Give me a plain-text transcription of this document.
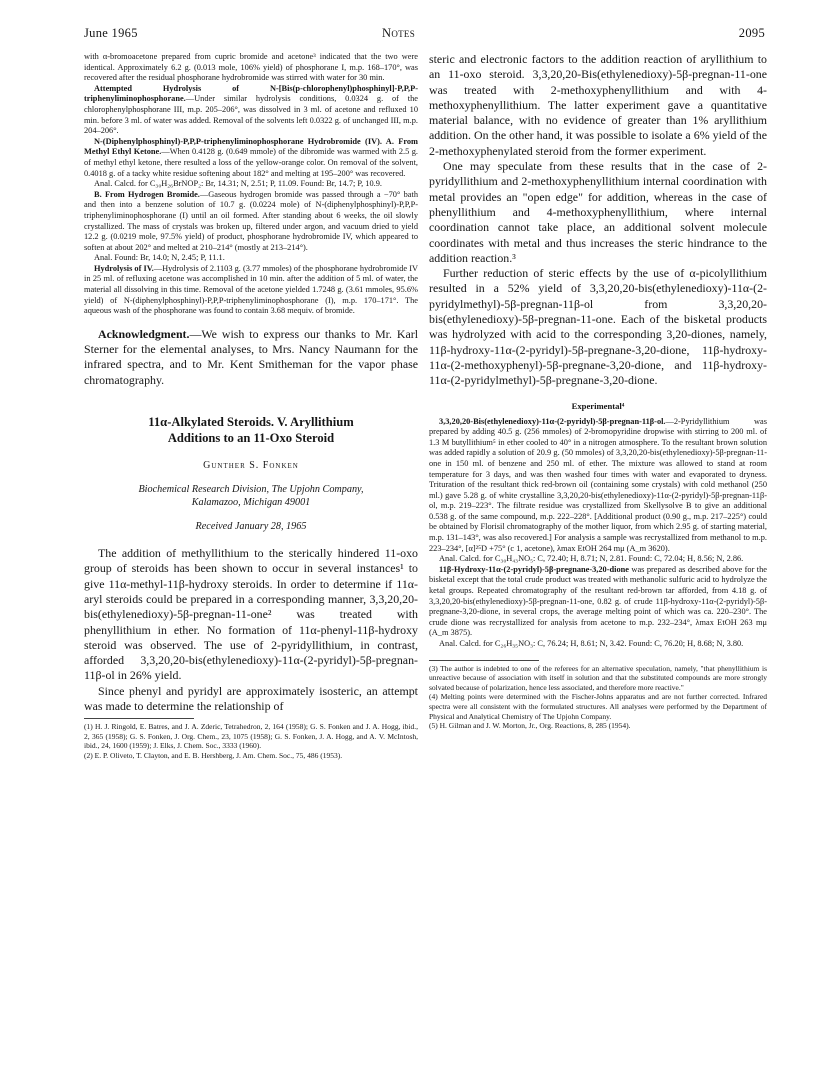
June 1965	Notes	2095

with α-bromoacetone prepared from cupric bromide and acetone³ indicated that the two were identical. Approximately 6.2 g. (0.013 mole, 106% yield) of phosphorane I, m.p. 168–170°, was recovered after the residual phosphorane hydrobromide was stirred with water for 30 min.

Attempted Hydrolysis of N-[Bis(p-chlorophenyl)phosphinyl]-P,P,P-triphenyliminophosphorane.—Under similar hydrolysis conditions, 0.0324 g. of the chlorophenylphosphorane III, m.p. 205–206°, was dissolved in 3 ml. of acetone and refluxed 10 min. before 3 ml. of water was added. Removal of the solvents left 0.0322 g. of unchanged III, m.p. 204–206°.

N-(Diphenylphosphinyl)-P,P,P-triphenyliminophosphorane Hydrobromide (IV). A. From Methyl Ethyl Ketone.—When 0.4128 g. (0.649 mmole) of the dibromide was warmed with 2.5 g. of methyl ethyl ketone, there resulted a loss of the yellow-orange color. On removal of the solvent, 0.4018 g. of a tacky white residue softening about 182° and melting at 195–200° was recovered.

Anal. Calcd. for C₃₀H₂₆BrNOP₂: Br, 14.31; N, 2.51; P, 11.09. Found: Br, 14.7; P, 10.9.

B. From Hydrogen Bromide.—Gaseous hydrogen bromide was passed through a −70° bath and then into a benzene solution of 10.7 g. (0.0224 mole) of N-(diphenylphosphinyl)-P,P,P-triphenyliminophosphorane (I) until an oil formed. After standing about 6 weeks, the oil slowly crystallized. The mass of crystals was broken up, filtered under argon, and vacuum dried to yield 12.2 g. (0.0219 mole, 97.5% yield) of product, phosphorane hydrobromide IV, which appeared to soften at about 202° and melted at 210–214° (mostly at 213–214°).

Anal. Found: Br, 14.0; N, 2.45; P, 11.1.

Hydrolysis of IV.—Hydrolysis of 2.1103 g. (3.77 mmoles) of the phosphorane hydrobromide IV in 25 ml. of refluxing acetone was accomplished in 10 min. after the addition of 5 ml. of water, the material all dissolving in this time. Removal of the acetone yielded 1.7248 g. (3.61 mmoles, 95.6% yield) of N-(diphenylphosphinyl)-P,P,P-triphenyliminophosphorane (I), m.p. 170–171°. The aqueous wash of the phosphorane was found to contain 3.68 mequiv. of bromide.

Acknowledgment.—We wish to express our thanks to Mr. Karl Sterner for the elemental analyses, to Mrs. Nancy Naumann for the infrared spectra, and to Mr. Kent Smitheman for the vapor phase chromatography.

11α-Alkylated Steroids. V. Aryllithium

Additions to an 11-Oxo Steroid

Gunther S. Fonken

Biochemical Research Division, The Upjohn Company,

Kalamazoo, Michigan 49001

Received January 28, 1965

The addition of methyllithium to the sterically hindered 11-oxo group of steroids has been shown to occur in several instances¹ to give 11α-methyl-11β-hydroxy steroids. In order to determine if 11α-aryl steroids could be prepared in a corresponding manner, 3,3,20,20-bis(ethylenedioxy)-5β-pregnan-11-one² was treated with phenyllithium in ether. No formation of 11α-phenyl-11β-hydroxy steroid was observed. The use of 2-pyridyllithium, in contrast, afforded 3,3,20,20-bis(ethylenedioxy)-11α-(2-pyridyl)-5β-pregnan-11β-ol in 26% yield.

Since phenyl and pyridyl are approximately isosteric, an attempt was made to determine the relationship of

(1) H. J. Ringold, E. Batres, and J. A. Zderic, Tetrahedron, 2, 164 (1958); G. S. Fonken and J. A. Hogg, ibid., 2, 365 (1958); G. S. Fonken, J. Org. Chem., 23, 1075 (1958); G. S. Fonken, J. A. Hogg, and A. V. McIntosh, ibid., 24, 1600 (1959); J. Elks, J. Chem. Soc., 3333 (1960).

(2) E. P. Oliveto, T. Clayton, and E. B. Hershberg, J. Am. Chem. Soc., 75, 486 (1953).

steric and electronic factors to the addition reaction of aryllithium to an 11-oxo steroid. 3,3,20,20-Bis(ethylenedioxy)-5β-pregnan-11-one was treated with 2-methoxyphenyllithium and with 4-methoxyphenyllithium. The latter experiment gave a quantitative material balance, with no evidence of greater than 1% aryllithium addition. On the other hand, it was possible to isolate a 6% yield of the 2-methoxyphenylated steroid from the former experiment.

One may speculate from these results that in the case of 2-pyridyllithium and 2-methoxyphenyllithium internal coordination with metal provides an "open edge" for addition, whereas in the case of phenyllithium and 4-methoxyphenyllithium, where internal coordination cannot take place, an additional solvent molecule coordinates with metal and thus increases the steric hindrance to the addition reaction.³

Further reduction of steric effects by the use of α-picolyllithium resulted in a 52% yield of 3,3,20,20-bis(ethylenedioxy)-11α-(2-pyridylmethyl)-5β-pregnan-11β-ol from 3,3,20,20-bis(ethylenedioxy)-5β-pregnan-11-one. Each of the bisketal products was hydrolyzed with acid to the corresponding 3,20-diones, namely, 11β-hydroxy-11α-(2-pyridyl)-5β-pregnane-3,20-dione, 11β-hydroxy-11α-(2-methoxyphenyl)-5β-pregnane-3,20-dione, and 11β-hydroxy-11α-(2-pyridylmethyl)-5β-pregnane-3,20-dione.

Experimental⁴

3,3,20,20-Bis(ethylenedioxy)-11α-(2-pyridyl)-5β-pregnan-11β-ol.—2-Pyridyllithium was prepared by adding 40.5 g. (256 mmoles) of 2-bromopyridine dropwise with stirring to 200 ml. of 1.3 M butyllithium⁵ in ether cooled to 40° in a nitrogen atmosphere. To the resultant brown solution was added rapidly a solution of 20.9 g. (50 mmoles) of 3,3,20,20-bis(ethylenedioxy)-5β-pregnan-11-one in 150 ml. of benzene and 250 ml. of ether. The mixture was allowed to stand at room temperature for 3 days, and was then washed four times with water and evaporated to dryness. Trituration of the resultant thick red-brown oil (containing some crystals) with cold methanol (250 ml.) gave 5.28 g. of white crystalline 3,3,20,20-bis(ethylenedioxy)-11α-(2-pyridyl)-5β-pregnan-11β-ol, m.p. 219–223°. The filtrate residue was crystallized from Skellysolve B to give an additional 0.538 g. of the same compound, m.p. 222–228°. [Additional product (0.90 g., m.p. 217–225°) could be obtained by Florisil chromatography of the mother liquor, from which 2.95 g. of starting material, m.p. 131–143°, was also recovered.] For analysis a sample was recrystallized from methanol to m.p. 223–234°, [α]²⁵D +75° (c 1, acetone), λmax EtOH 264 mμ (A_m 3620).

Anal. Calcd. for C₃₀H₄₃NO₅: C, 72.40; H, 8.71; N, 2.81. Found: C, 72.04; H, 8.56; N, 2.86.

11β-Hydroxy-11α-(2-pyridyl)-5β-pregnane-3,20-dione was prepared as described above for the bisketal except that the total crude product was treated with methanolic sulfuric acid to hydrolyze the ketal groups. Repeated chromatography of the resultant red-brown tar afforded, from 4.18 g. of 3,3,20,20-bis(ethylenedioxy)-5β-pregnan-11-one, 0.82 g. of crude 11β-hydroxy-11α-(2-pyridyl)-5β-pregnane-3,20-dione, in several crops, the average melting point of which was ca. 220–230°. The crude dione was recrystallized for analysis from acetone to m.p. 232–234°, λmax EtOH 263 mμ (A_m 3875).

Anal. Calcd. for C₂₆H₃₅NO₃: C, 76.24; H, 8.61; N, 3.42. Found: C, 76.20; H, 8.68; N, 3.80.

(3) The author is indebted to one of the referees for an alternative speculation, namely, "that phenyllithium is unreactive because of association with itself in solution and that the substituted compounds are more strongly solvated because of polarization, hence less associated, and therefore more reactive."

(4) Melting points were determined with the Fischer-Johns apparatus and are not further corrected. Infrared spectra were all consistent with the formulated structures. All analyses were performed by the Department of Physical and Analytical Chemistry of The Upjohn Company.

(5) H. Gilman and J. W. Morton, Jr., Org. Reactions, 8, 285 (1954).
